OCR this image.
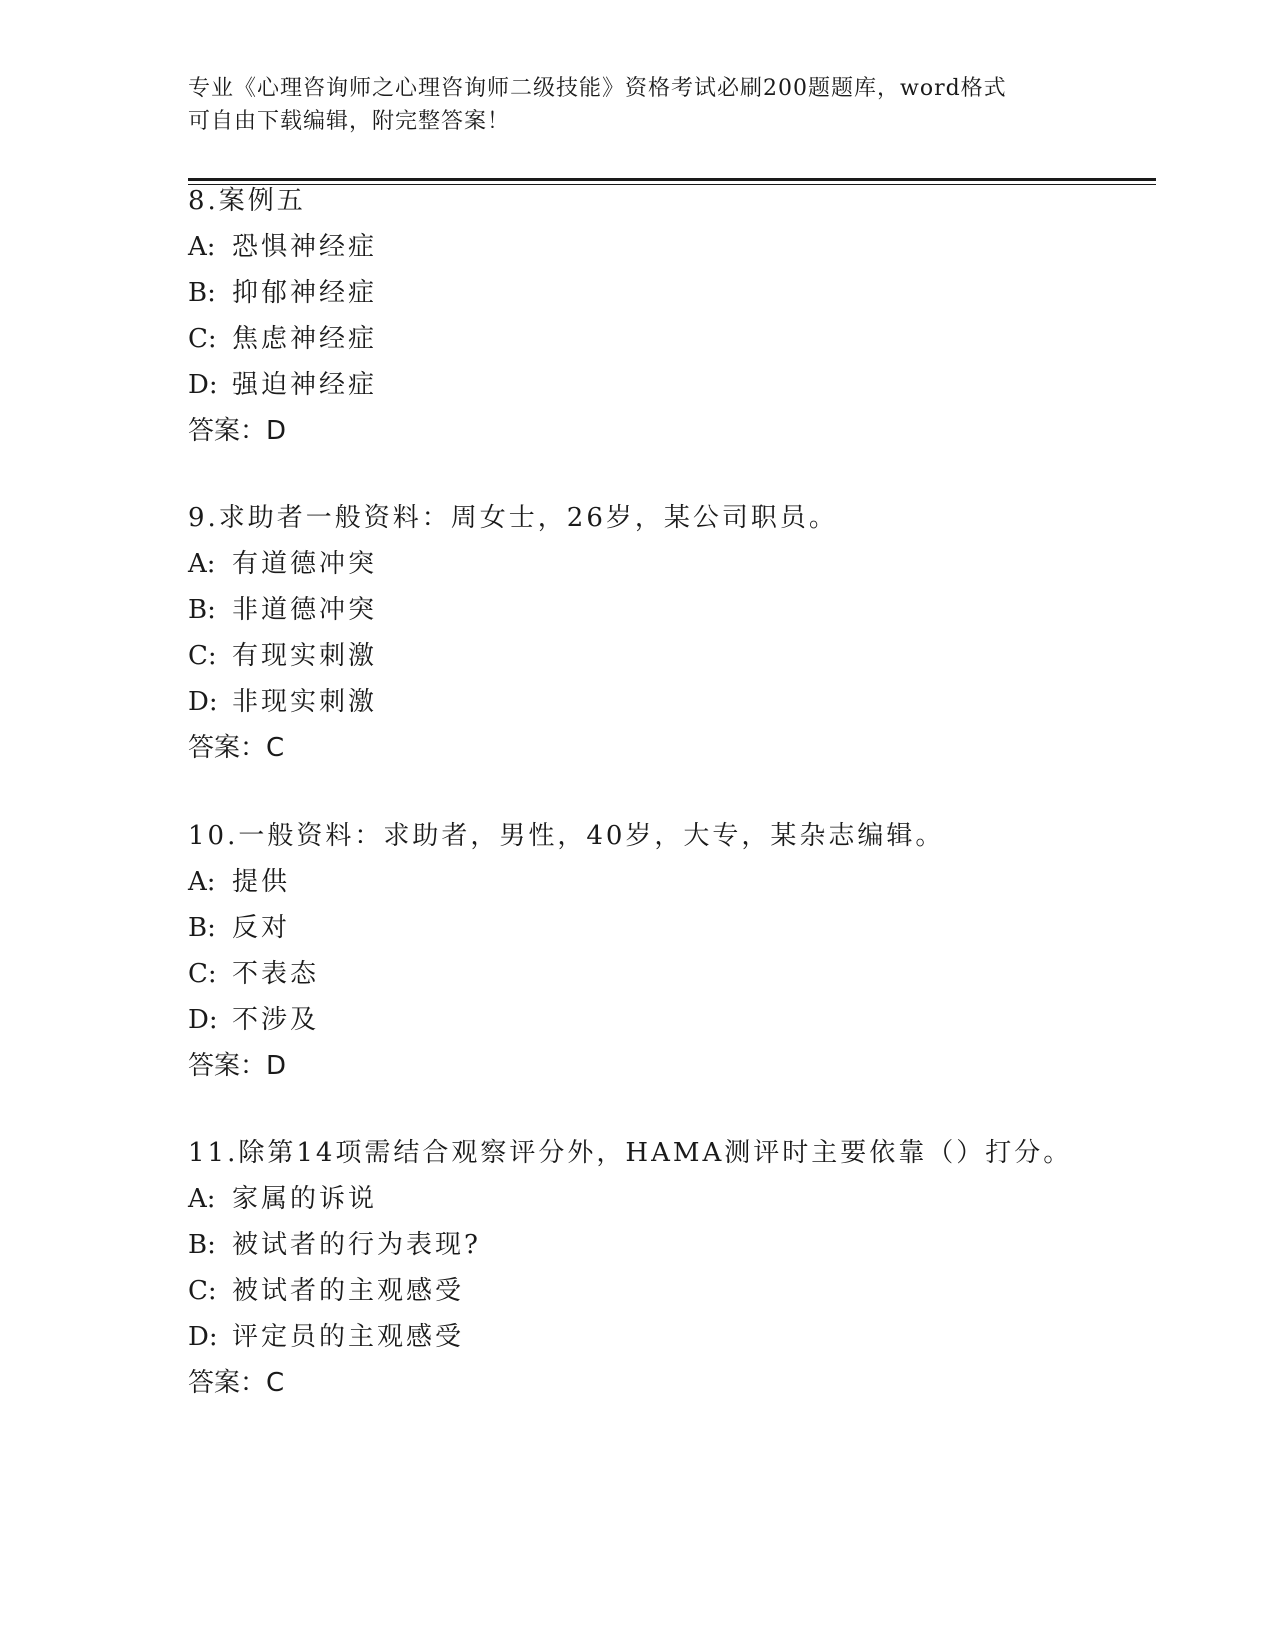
专业《心理咨询师之心理咨询师二级技能》资格考试必刷200题题库，word格式
可自由下载编辑，附完整答案！
8.案例五
A: 恐惧神经症
B: 抑郁神经症
C: 焦虑神经症
D: 强迫神经症
答案：D
9.求助者一般资料：周女士，26岁，某公司职员。
A: 有道德冲突
B: 非道德冲突
C: 有现实刺激
D: 非现实刺激
答案：C
10.一般资料：求助者，男性，40岁，大专，某杂志编辑。
A: 提供
B: 反对
C: 不表态
D: 不涉及
答案：D
11.除第14项需结合观察评分外，HAMA测评时主要依靠（）打分。
A: 家属的诉说
B: 被试者的行为表现?
C: 被试者的主观感受
D: 评定员的主观感受
答案：C
